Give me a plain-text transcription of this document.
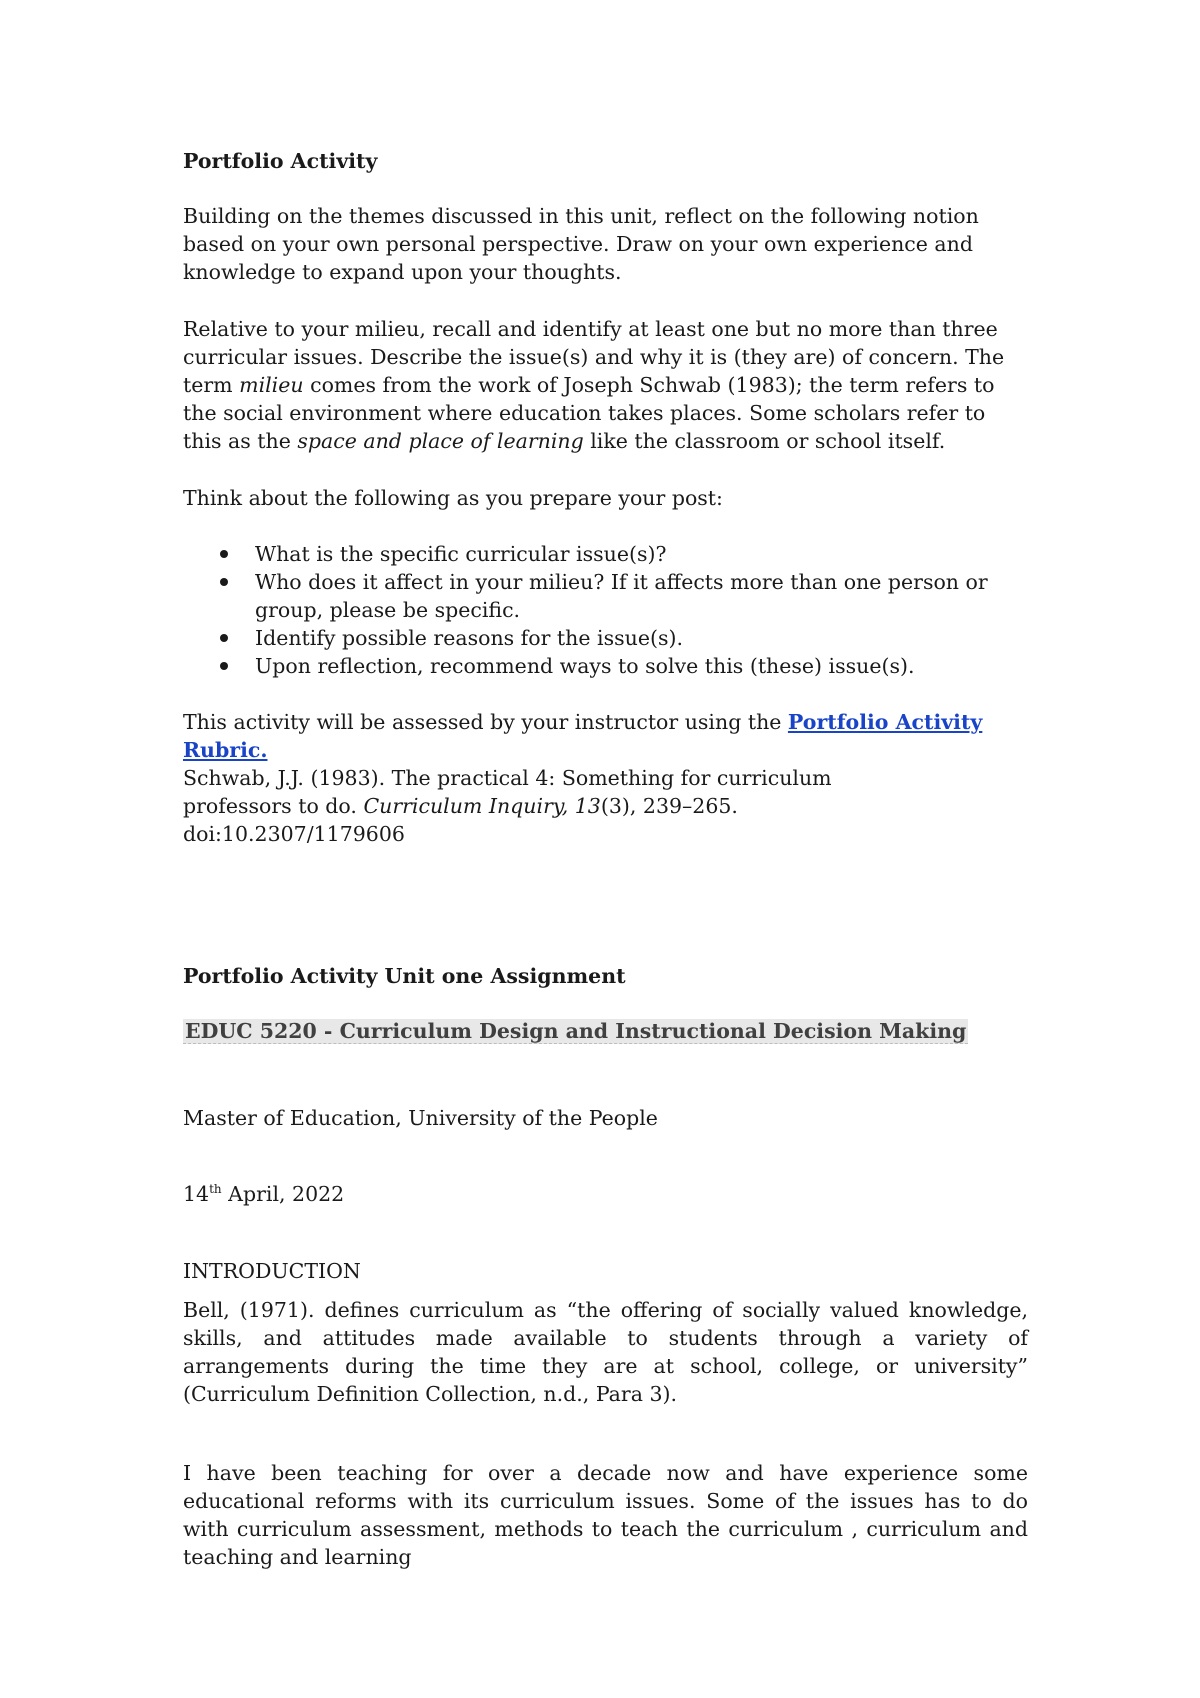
Portfolio Activity

Building on the themes discussed in this unit, reflect on the following notion based on your own personal perspective. Draw on your own experience and knowledge to expand upon your thoughts.

Relative to your milieu, recall and identify at least one but no more than three curricular issues. Describe the issue(s) and why it is (they are) of concern. The term milieu comes from the work of Joseph Schwab (1983); the term refers to the social environment where education takes places. Some scholars refer to this as the space and place of learning like the classroom or school itself.

Think about the following as you prepare your post:

What is the specific curricular issue(s)?
Who does it affect in your milieu? If it affects more than one person or group, please be specific.
Identify possible reasons for the issue(s).
Upon reflection, recommend ways to solve this (these) issue(s).

This activity will be assessed by your instructor using the Portfolio Activity Rubric.

Schwab, J.J. (1983). The practical 4: Something for curriculum professors to do. Curriculum Inquiry, 13(3), 239–265. doi:10.2307/1179606

Portfolio Activity Unit one Assignment

EDUC 5220 - Curriculum Design and Instructional Decision Making

Master of Education, University of the People

14th April, 2022

INTRODUCTION

Bell, (1971). defines curriculum as “the offering of socially valued knowledge, skills, and attitudes made available to students through a variety of arrangements during the time they are at school, college, or university” (Curriculum Definition Collection, n.d., Para 3).

I have been teaching for over a decade now and have experience some educational reforms with its curriculum issues. Some of the issues has to do with curriculum assessment, methods to teach the curriculum , curriculum and teaching and learning
